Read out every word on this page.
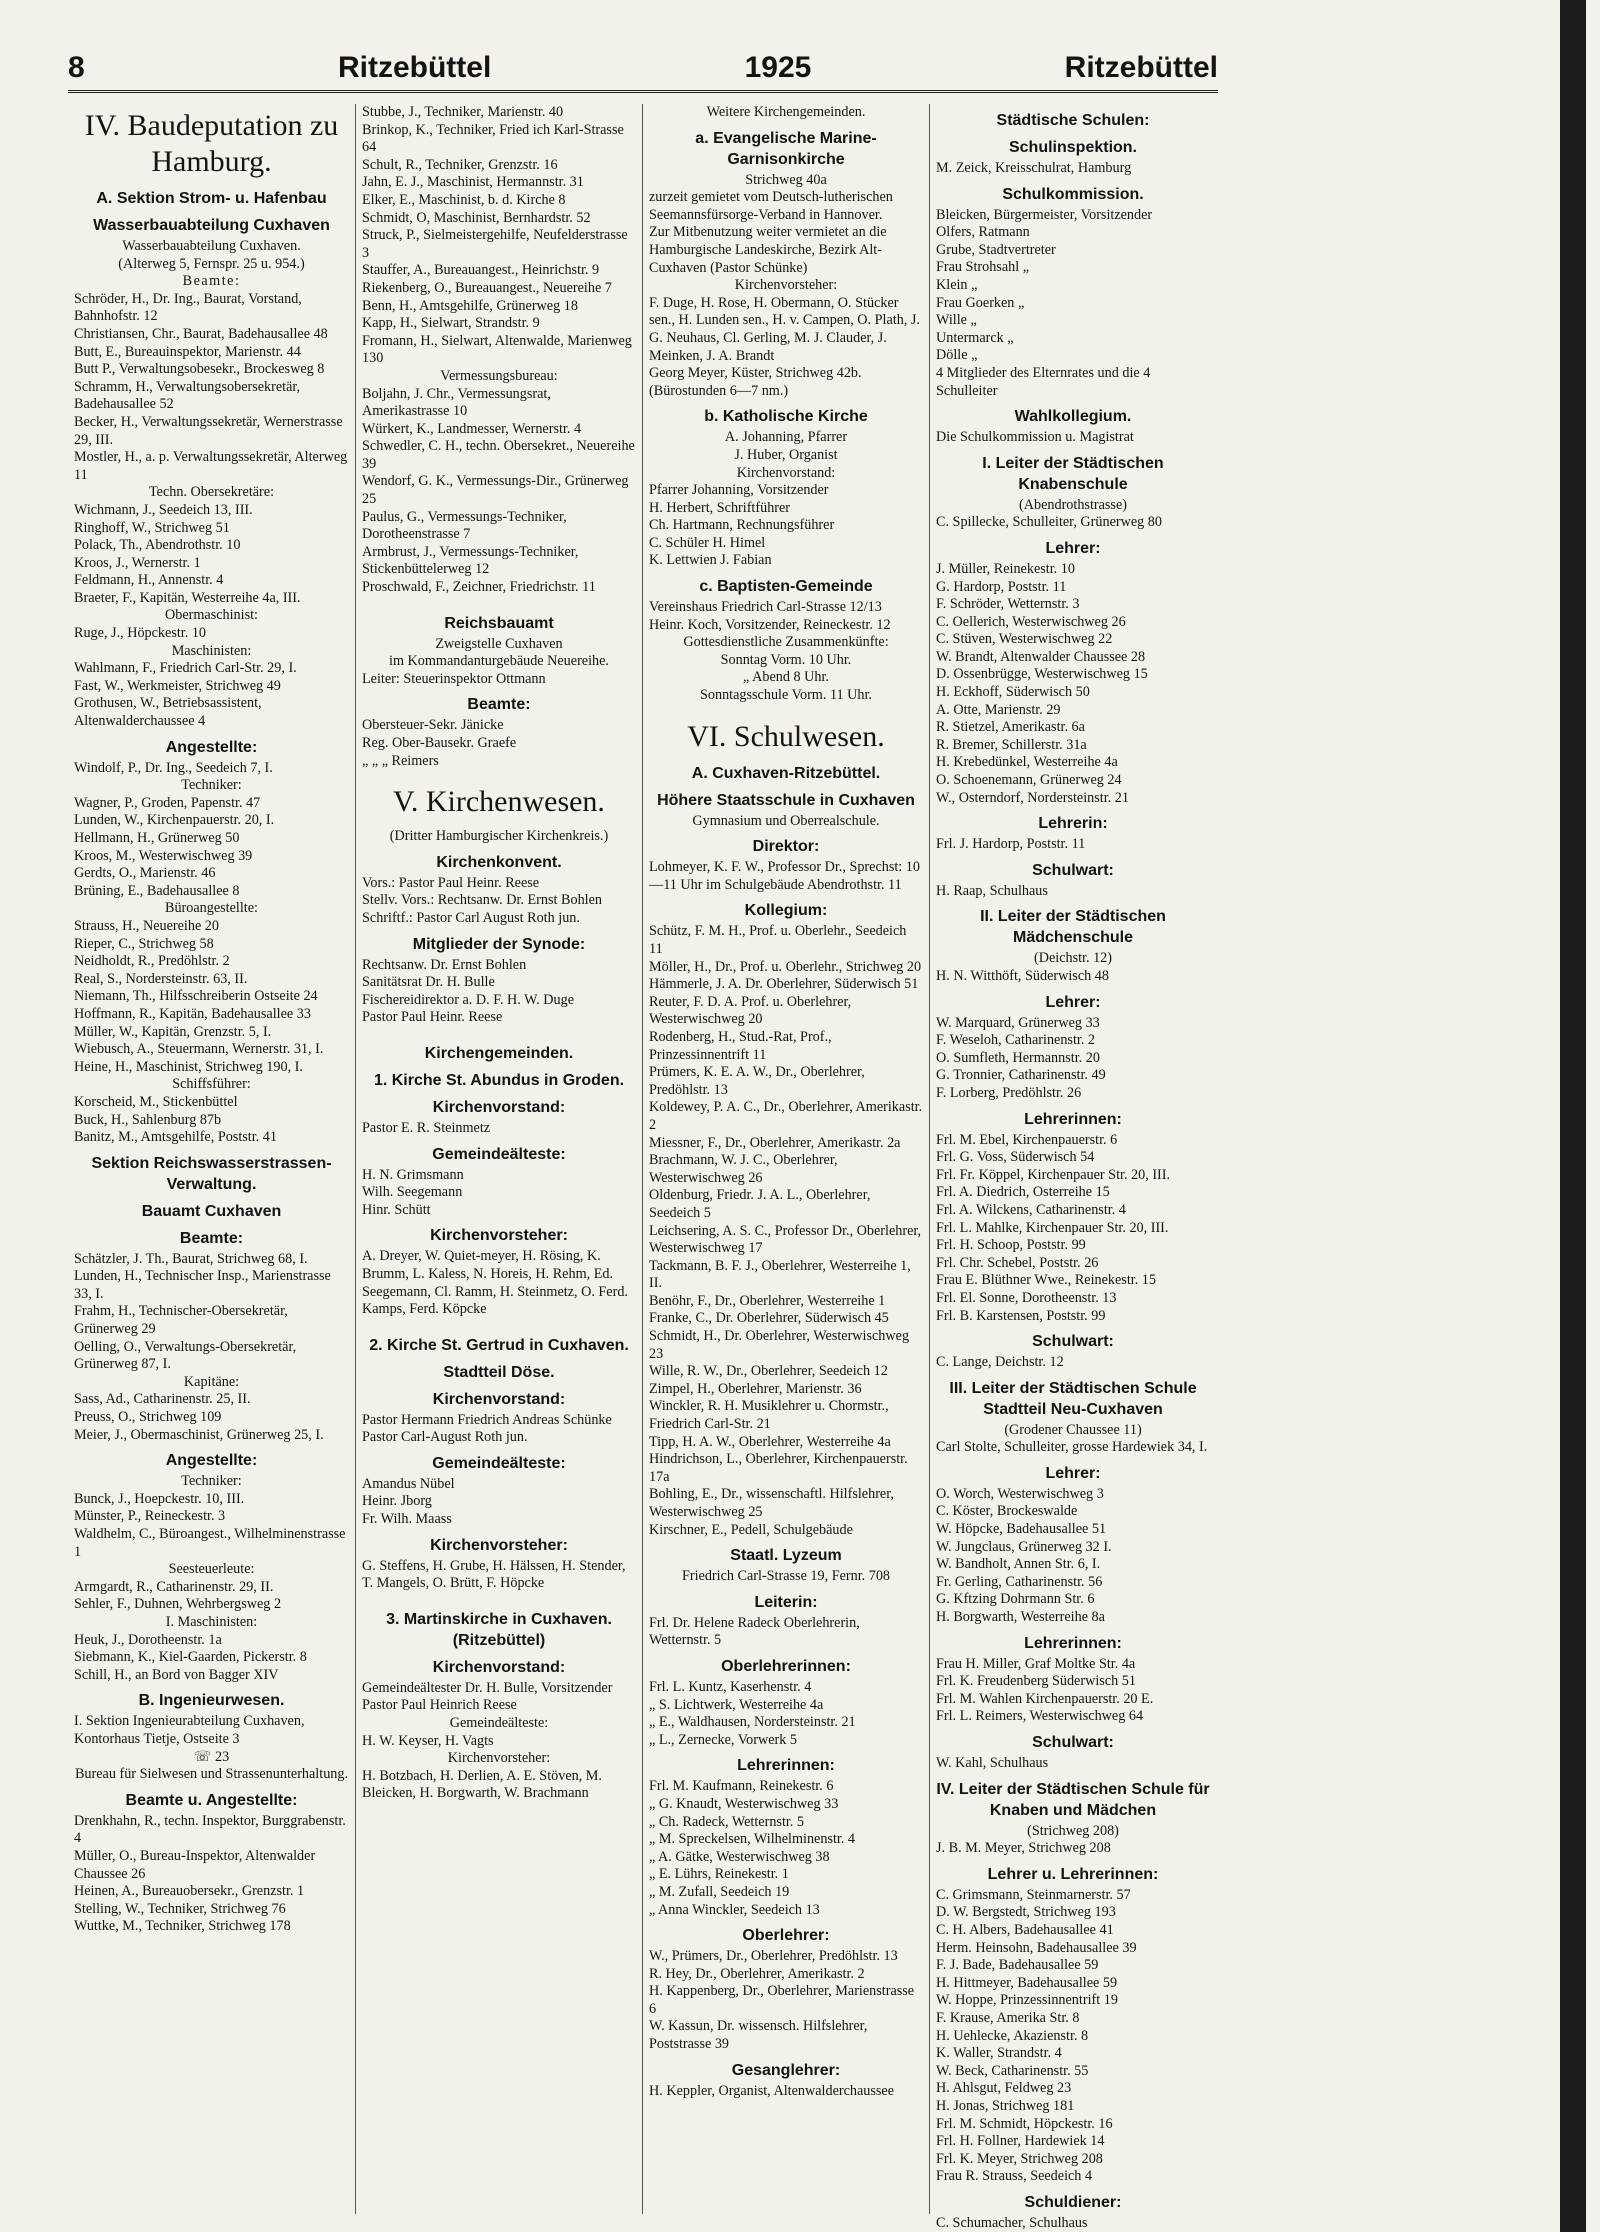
8	Ritzebüttel	1925	Ritzebüttel

IV. Baudeputation zu Hamburg.

A. Sektion Strom- u. Hafenbau

Wasserbauabteilung Cuxhaven

Wasserbauabteilung Cuxhaven.

(Alterweg 5, Fernspr. 25 u. 954.)

Beamte:

Schröder, H., Dr. Ing., Baurat, Vorstand, Bahnhofstr. 12

Christiansen, Chr., Baurat, Badehausallee 48

Butt, E., Bureauinspektor, Marienstr. 44

Butt P., Verwaltungsobesekr., Brockesweg 8

Schramm, H., Verwaltungsobersekretär, Badehausallee 52

Becker, H., Verwaltungssekretär, Wernerstrasse 29, III.

Mostler, H., a. p. Verwaltungssekretär, Alterweg 11

Techn. Obersekretäre:

Wichmann, J., Seedeich 13, III.

Ringhoff, W., Strichweg 51

Polack, Th., Abendrothstr. 10

Kroos, J., Wernerstr. 1

Feldmann, H., Annenstr. 4

Braeter, F., Kapitän, Westerreihe 4a, III.

Obermaschinist:

Ruge, J., Höpckestr. 10

Maschinisten:

Wahlmann, F., Friedrich Carl-Str. 29, I.

Fast, W., Werkmeister, Strichweg 49

Grothusen, W., Betriebsassistent, Altenwalderchaussee 4

Angestellte:

Windolf, P., Dr. Ing., Seedeich 7, I.

Techniker:

Wagner, P., Groden, Papenstr. 47

Lunden, W., Kirchenpauerstr. 20, I.

Hellmann, H., Grünerweg 50

Kroos, M., Westerwischweg 39

Gerdts, O., Marienstr. 46

Brüning, E., Badehausallee 8

Büroangestellte:

Strauss, H., Neuereihe 20

Rieper, C., Strichweg 58

Neidholdt, R., Predöhlstr. 2

Real, S., Nordersteinstr. 63, II.

Niemann, Th., Hilfsschreiberin Ostseite 24

Hoffmann, R., Kapitän, Badehausallee 33

Müller, W., Kapitän, Grenzstr. 5, I.

Wiebusch, A., Steuermann, Wernerstr. 31, I.

Heine, H., Maschinist, Strichweg 190, I.

Schiffsführer:

Korscheid, M., Stickenbüttel

Buck, H., Sahlenburg 87b

Banitz, M., Amtsgehilfe, Poststr. 41

Sektion Reichswasserstrassen-Verwaltung.

Bauamt Cuxhaven

Beamte:

Schätzler, J. Th., Baurat, Strichweg 68, I.

Lunden, H., Technischer Insp., Marienstrasse 33, I.

Frahm, H., Technischer-Obersekretär, Grünerweg 29

Oelling, O., Verwaltungs-Obersekretär, Grünerweg 87, I.

Kapitäne:

Sass, Ad., Catharinenstr. 25, II.

Preuss, O., Strichweg 109

Meier, J., Obermaschinist, Grünerweg 25, I.

Angestellte:

Techniker:

Bunck, J., Hoepckestr. 10, III.

Münster, P., Reineckestr. 3

Waldhelm, C., Büroangest., Wilhelminenstrasse 1

Seesteuerleute:

Armgardt, R., Catharinenstr. 29, II.

Sehler, F., Duhnen, Wehrbergsweg 2

I. Maschinisten:

Heuk, J., Dorotheenstr. 1a

Siebmann, K., Kiel-Gaarden, Pickerstr. 8

Schill, H., an Bord von Bagger XIV

B. Ingenieurwesen.

I. Sektion Ingenieurabteilung Cuxhaven, Kontorhaus Tietje, Ostseite 3

☏ 23

Bureau für Sielwesen und Strassenunterhaltung.

Beamte u. Angestellte:

Drenkhahn, R., techn. Inspektor, Burggrabenstr. 4

Müller, O., Bureau-Inspektor, Altenwalder Chaussee 26

Heinen, A., Bureauobersekr., Grenzstr. 1

Stelling, W., Techniker, Strichweg 76

Wuttke, M., Techniker, Strichweg 178

Stubbe, J., Techniker, Marienstr. 40

Brinkop, K., Techniker, Fried ich Karl-Strasse 64

Schult, R., Techniker, Grenzstr. 16

Jahn, E. J., Maschinist, Hermannstr. 31

Elker, E., Maschinist, b. d. Kirche 8

Schmidt, O, Maschinist, Bernhardstr. 52

Struck, P., Sielmeistergehilfe, Neufelderstrasse 3

Stauffer, A., Bureauangest., Heinrichstr. 9

Riekenberg, O., Bureauangest., Neuereihe 7

Benn, H., Amtsgehilfe, Grünerweg 18

Kapp, H., Sielwart, Strandstr. 9

Fromann, H., Sielwart, Altenwalde, Marienweg 130

Vermessungsbureau:

Boljahn, J. Chr., Vermessungsrat, Amerikastrasse 10

Würkert, K., Landmesser, Wernerstr. 4

Schwedler, C. H., techn. Obersekret., Neuereihe 39

Wendorf, G. K., Vermessungs-Dir., Grünerweg 25

Paulus, G., Vermessungs-Techniker, Dorotheenstrasse 7

Armbrust, J., Vermessungs-Techniker, Stickenbüttelerweg 12

Proschwald, F., Zeichner, Friedrichstr. 11

Reichsbauamt

Zweigstelle Cuxhaven

im Kommandanturgebäude Neuereihe.

Leiter: Steuerinspektor Ottmann

Beamte:

Obersteuer-Sekr. Jänicke

Reg. Ober-Bausekr. Graefe

„ „ „ Reimers

V. Kirchenwesen.

(Dritter Hamburgischer Kirchenkreis.)

Kirchenkonvent.

Vors.: Pastor Paul Heinr. Reese

Stellv. Vors.: Rechtsanw. Dr. Ernst Bohlen

Schriftf.: Pastor Carl August Roth jun.

Mitglieder der Synode:

Rechtsanw. Dr. Ernst Bohlen

Sanitätsrat Dr. H. Bulle

Fischereidirektor a. D. F. H. W. Duge

Pastor Paul Heinr. Reese

Kirchengemeinden.

1. Kirche St. Abundus in Groden.

Kirchenvorstand:

Pastor E. R. Steinmetz

Gemeindeälteste:

H. N. Grimsmann

Wilh. Seegemann

Hinr. Schütt

Kirchenvorsteher:

A. Dreyer, W. Quiet-meyer, H. Rösing, K. Brumm, L. Kaless, N. Horeis, H. Rehm, Ed. Seegemann, Cl. Ramm, H. Steinmetz, O. Ferd. Kamps, Ferd. Köpcke

2. Kirche St. Gertrud in Cuxhaven.

Stadtteil Döse.

Kirchenvorstand:

Pastor Hermann Friedrich Andreas Schünke

Pastor Carl-August Roth jun.

Gemeindeälteste:

Amandus Nübel

Heinr. Jborg

Fr. Wilh. Maass

Kirchenvorsteher:

G. Steffens, H. Grube, H. Hälssen, H. Stender, T. Mangels, O. Brütt, F. Höpcke

3. Martinskirche in Cuxhaven. (Ritzebüttel)

Kirchenvorstand:

Gemeindeältester Dr. H. Bulle, Vorsitzender

Pastor Paul Heinrich Reese

Gemeindeälteste:

H. W. Keyser, H. Vagts

Kirchenvorsteher:

H. Botzbach, H. Derlien, A. E. Stöven, M. Bleicken, H. Borgwarth, W. Brachmann

Weitere Kirchengemeinden.

a. Evangelische Marine-Garnisonkirche

Strichweg 40a

zurzeit gemietet vom Deutsch-lutherischen Seemannsfürsorge-Verband in Hannover.

Zur Mitbenutzung weiter vermietet an die Hamburgische Landeskirche, Bezirk Alt-Cuxhaven (Pastor Schünke)

Kirchenvorsteher:

F. Duge, H. Rose, H. Obermann, O. Stücker sen., H. Lunden sen., H. v. Campen, O. Plath, J. G. Neuhaus, Cl. Gerling, M. J. Clauder, J. Meinken, J. A. Brandt

Georg Meyer, Küster, Strichweg 42b. (Bürostunden 6—7 nm.)

b. Katholische Kirche

A. Johanning, Pfarrer

J. Huber, Organist

Kirchenvorstand:

Pfarrer Johanning, Vorsitzender

H. Herbert, Schriftführer

Ch. Hartmann, Rechnungsführer

C. Schüler H. Himel

K. Lettwien J. Fabian

c. Baptisten-Gemeinde

Vereinshaus Friedrich Carl-Strasse 12/13

Heinr. Koch, Vorsitzender, Reineckestr. 12

Gottesdienstliche Zusammenkünfte:

Sonntag Vorm. 10 Uhr.

„ Abend 8 Uhr.

Sonntagsschule Vorm. 11 Uhr.

VI. Schulwesen.

A. Cuxhaven-Ritzebüttel.

Höhere Staatsschule in Cuxhaven

Gymnasium und Oberrealschule.

Direktor:

Lohmeyer, K. F. W., Professor Dr., Sprechst: 10—11 Uhr im Schulgebäude Abendrothstr. 11

Kollegium:

Schütz, F. M. H., Prof. u. Oberlehr., Seedeich 11

Möller, H., Dr., Prof. u. Oberlehr., Strichweg 20

Hämmerle, J. A. Dr. Oberlehrer, Süderwisch 51

Reuter, F. D. A. Prof. u. Oberlehrer, Westerwischweg 20

Rodenberg, H., Stud.-Rat, Prof., Prinzessinnentrift 11

Prümers, K. E. A. W., Dr., Oberlehrer, Predöhlstr. 13

Koldewey, P. A. C., Dr., Oberlehrer, Amerikastr. 2

Miessner, F., Dr., Oberlehrer, Amerikastr. 2a

Brachmann, W. J. C., Oberlehrer, Westerwischweg 26

Oldenburg, Friedr. J. A. L., Oberlehrer, Seedeich 5

Leichsering, A. S. C., Professor Dr., Oberlehrer, Westerwischweg 17

Tackmann, B. F. J., Oberlehrer, Westerreihe 1, II.

Benöhr, F., Dr., Oberlehrer, Westerreihe 1

Franke, C., Dr. Oberlehrer, Süderwisch 45

Schmidt, H., Dr. Oberlehrer, Westerwischweg 23

Wille, R. W., Dr., Oberlehrer, Seedeich 12

Zimpel, H., Oberlehrer, Marienstr. 36

Winckler, R. H. Musiklehrer u. Chormstr., Friedrich Carl-Str. 21

Tipp, H. A. W., Oberlehrer, Westerreihe 4a

Hindrichson, L., Oberlehrer, Kirchenpauerstr. 17a

Bohling, E., Dr., wissenschaftl. Hilfslehrer, Westerwischweg 25

Kirschner, E., Pedell, Schulgebäude

Staatl. Lyzeum

Friedrich Carl-Strasse 19, Fernr. 708

Leiterin:

Frl. Dr. Helene Radeck Oberlehrerin, Wetternstr. 5

Oberlehrerinnen:

Frl. L. Kuntz, Kaserhenstr. 4

„ S. Lichtwerk, Westerreihe 4a

„ E., Waldhausen, Nordersteinstr. 21

„ L., Zernecke, Vorwerk 5

Lehrerinnen:

Frl. M. Kaufmann, Reinekestr. 6

„ G. Knaudt, Westerwischweg 33

„ Ch. Radeck, Wetternstr. 5

„ M. Spreckelsen, Wilhelminenstr. 4

„ A. Gätke, Westerwischweg 38

„ E. Lührs, Reinekestr. 1

„ M. Zufall, Seedeich 19

„ Anna Winckler, Seedeich 13

Oberlehrer:

W., Prümers, Dr., Oberlehrer, Predöhlstr. 13

R. Hey, Dr., Oberlehrer, Amerikastr. 2

H. Kappenberg, Dr., Oberlehrer, Marienstrasse 6

W. Kassun, Dr. wissensch. Hilfslehrer, Poststrasse 39

Gesanglehrer:

H. Keppler, Organist, Altenwalderchaussee

Städtische Schulen:

Schulinspektion.

M. Zeick, Kreisschulrat, Hamburg

Schulkommission.

Bleicken, Bürgermeister, Vorsitzender

Olfers, Ratmann

Grube, Stadtvertreter

Frau Strohsahl „

Klein „

Frau Goerken „

Wille „

Untermarck „

Dölle „

4 Mitglieder des Elternrates und die 4 Schulleiter

Wahlkollegium.

Die Schulkommission u. Magistrat

I. Leiter der Städtischen Knabenschule

(Abendrothstrasse)

C. Spillecke, Schulleiter, Grünerweg 80

Lehrer:

J. Müller, Reinekestr. 10

G. Hardorp, Poststr. 11

F. Schröder, Wetternstr. 3

C. Oellerich, Westerwischweg 26

C. Stüven, Westerwischweg 22

W. Brandt, Altenwalder Chaussee 28

D. Ossenbrügge, Westerwischweg 15

H. Eckhoff, Süderwisch 50

A. Otte, Marienstr. 29

R. Stietzel, Amerikastr. 6a

R. Bremer, Schillerstr. 31a

H. Krebedünkel, Westerreihe 4a

O. Schoenemann, Grünerweg 24

W., Osterndorf, Nordersteinstr. 21

Lehrerin:

Frl. J. Hardorp, Poststr. 11

Schulwart:

H. Raap, Schulhaus

II. Leiter der Städtischen Mädchenschule

(Deichstr. 12)

H. N. Witthöft, Süderwisch 48

Lehrer:

W. Marquard, Grünerweg 33

F. Weseloh, Catharinenstr. 2

O. Sumfleth, Hermannstr. 20

G. Tronnier, Catharinenstr. 49

F. Lorberg, Predöhlstr. 26

Lehrerinnen:

Frl. M. Ebel, Kirchenpauerstr. 6

Frl. G. Voss, Süderwisch 54

Frl. Fr. Köppel, Kirchenpauer Str. 20, III.

Frl. A. Diedrich, Osterreihe 15

Frl. A. Wilckens, Catharinenstr. 4

Frl. L. Mahlke, Kirchenpauer Str. 20, III.

Frl. H. Schoop, Poststr. 99

Frl. Chr. Schebel, Poststr. 26

Frau E. Blüthner Wwe., Reinekestr. 15

Frl. El. Sonne, Dorotheenstr. 13

Frl. B. Karstensen, Poststr. 99

Schulwart:

C. Lange, Deichstr. 12

III. Leiter der Städtischen Schule Stadtteil Neu-Cuxhaven

(Grodener Chaussee 11)

Carl Stolte, Schulleiter, grosse Hardewiek 34, I.

Lehrer:

O. Worch, Westerwischweg 3

C. Köster, Brockeswalde

W. Höpcke, Badehausallee 51

W. Jungclaus, Grünerweg 32 I.

W. Bandholt, Annen Str. 6, I.

Fr. Gerling, Catharinenstr. 56

G. Kftzing Dohrmann Str. 6

H. Borgwarth, Westerreihe 8a

Lehrerinnen:

Frau H. Miller, Graf Moltke Str. 4a

Frl. K. Freudenberg Süderwisch 51

Frl. M. Wahlen Kirchenpauerstr. 20 E.

Frl. L. Reimers, Westerwischweg 64

Schulwart:

W. Kahl, Schulhaus

IV. Leiter der Städtischen Schule für Knaben und Mädchen

(Strichweg 208)

J. B. M. Meyer, Strichweg 208

Lehrer u. Lehrerinnen:

C. Grimsmann, Steinmarnerstr. 57

D. W. Bergstedt, Strichweg 193

C. H. Albers, Badehausallee 41

Herm. Heinsohn, Badehausallee 39

F. J. Bade, Badehausallee 59

H. Hittmeyer, Badehausallee 59

W. Hoppe, Prinzessinnentrift 19

F. Krause, Amerika Str. 8

H. Uehlecke, Akazienstr. 8

K. Waller, Strandstr. 4

W. Beck, Catharinenstr. 55

H. Ahlsgut, Feldweg 23

H. Jonas, Strichweg 181

Frl. M. Schmidt, Höpckestr. 16

Frl. H. Follner, Hardewiek 14

Frl. K. Meyer, Strichweg 208

Frau R. Strauss, Seedeich 4

Schuldiener:

C. Schumacher, Schulhaus
